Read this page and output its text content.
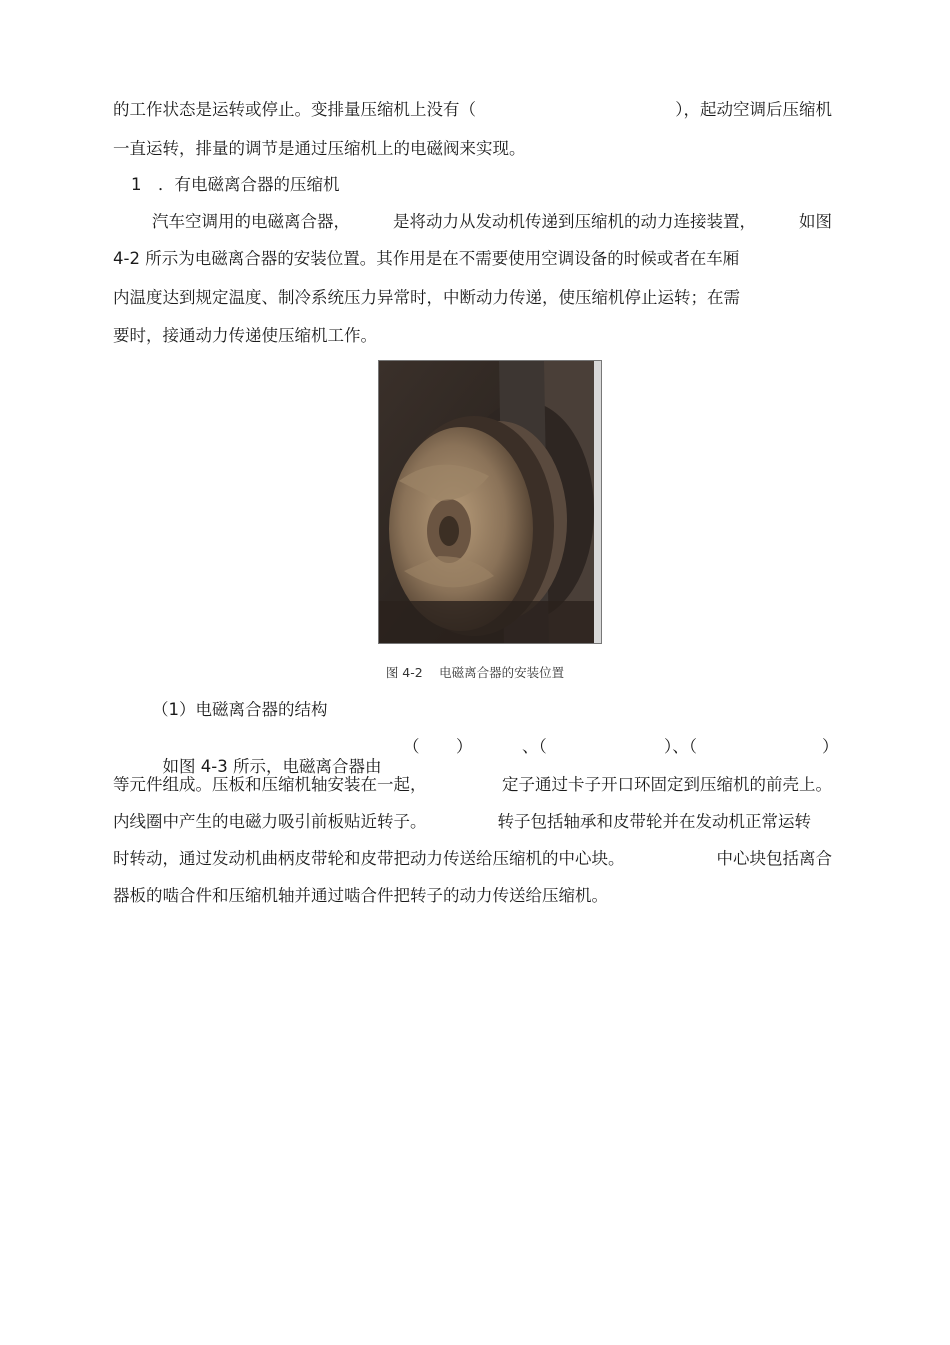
的工作状态是运转或停止。变排量压缩机上没有（	），起动空调后压缩机
一直运转，排量的调节是通过压缩机上的电磁阀来实现。
1　．有电磁离合器的压缩机
汽车空调用的电磁离合器，	是将动力从发动机传递到压缩机的动力连接装置，	如图
4-2 所示为电磁离合器的安装位置。其作用是在不需要使用空调设备的时候或者在车厢
内温度达到规定温度、制冷系统压力异常时，中断动力传递，使压缩机停止运转；在需
要时，接通动力传递使压缩机工作。
图 4-2　 电磁离合器的安装位置
（1）电磁离合器的结构

如图 4-3 所示，电磁离合器由

（ ）	、（	）、（	）
等元件组成。压板和压缩机轴安装在一起，	定子通过卡子开口环固定到压缩机的前壳上。
内线圈中产生的电磁力吸引前板贴近转子。	转子包括轴承和皮带轮并在发动机正常运转
时转动，通过发动机曲柄皮带轮和皮带把动力传送给压缩机的中心块。	中心块包括离合
器板的啮合件和压缩机轴并通过啮合件把转子的动力传送给压缩机。
